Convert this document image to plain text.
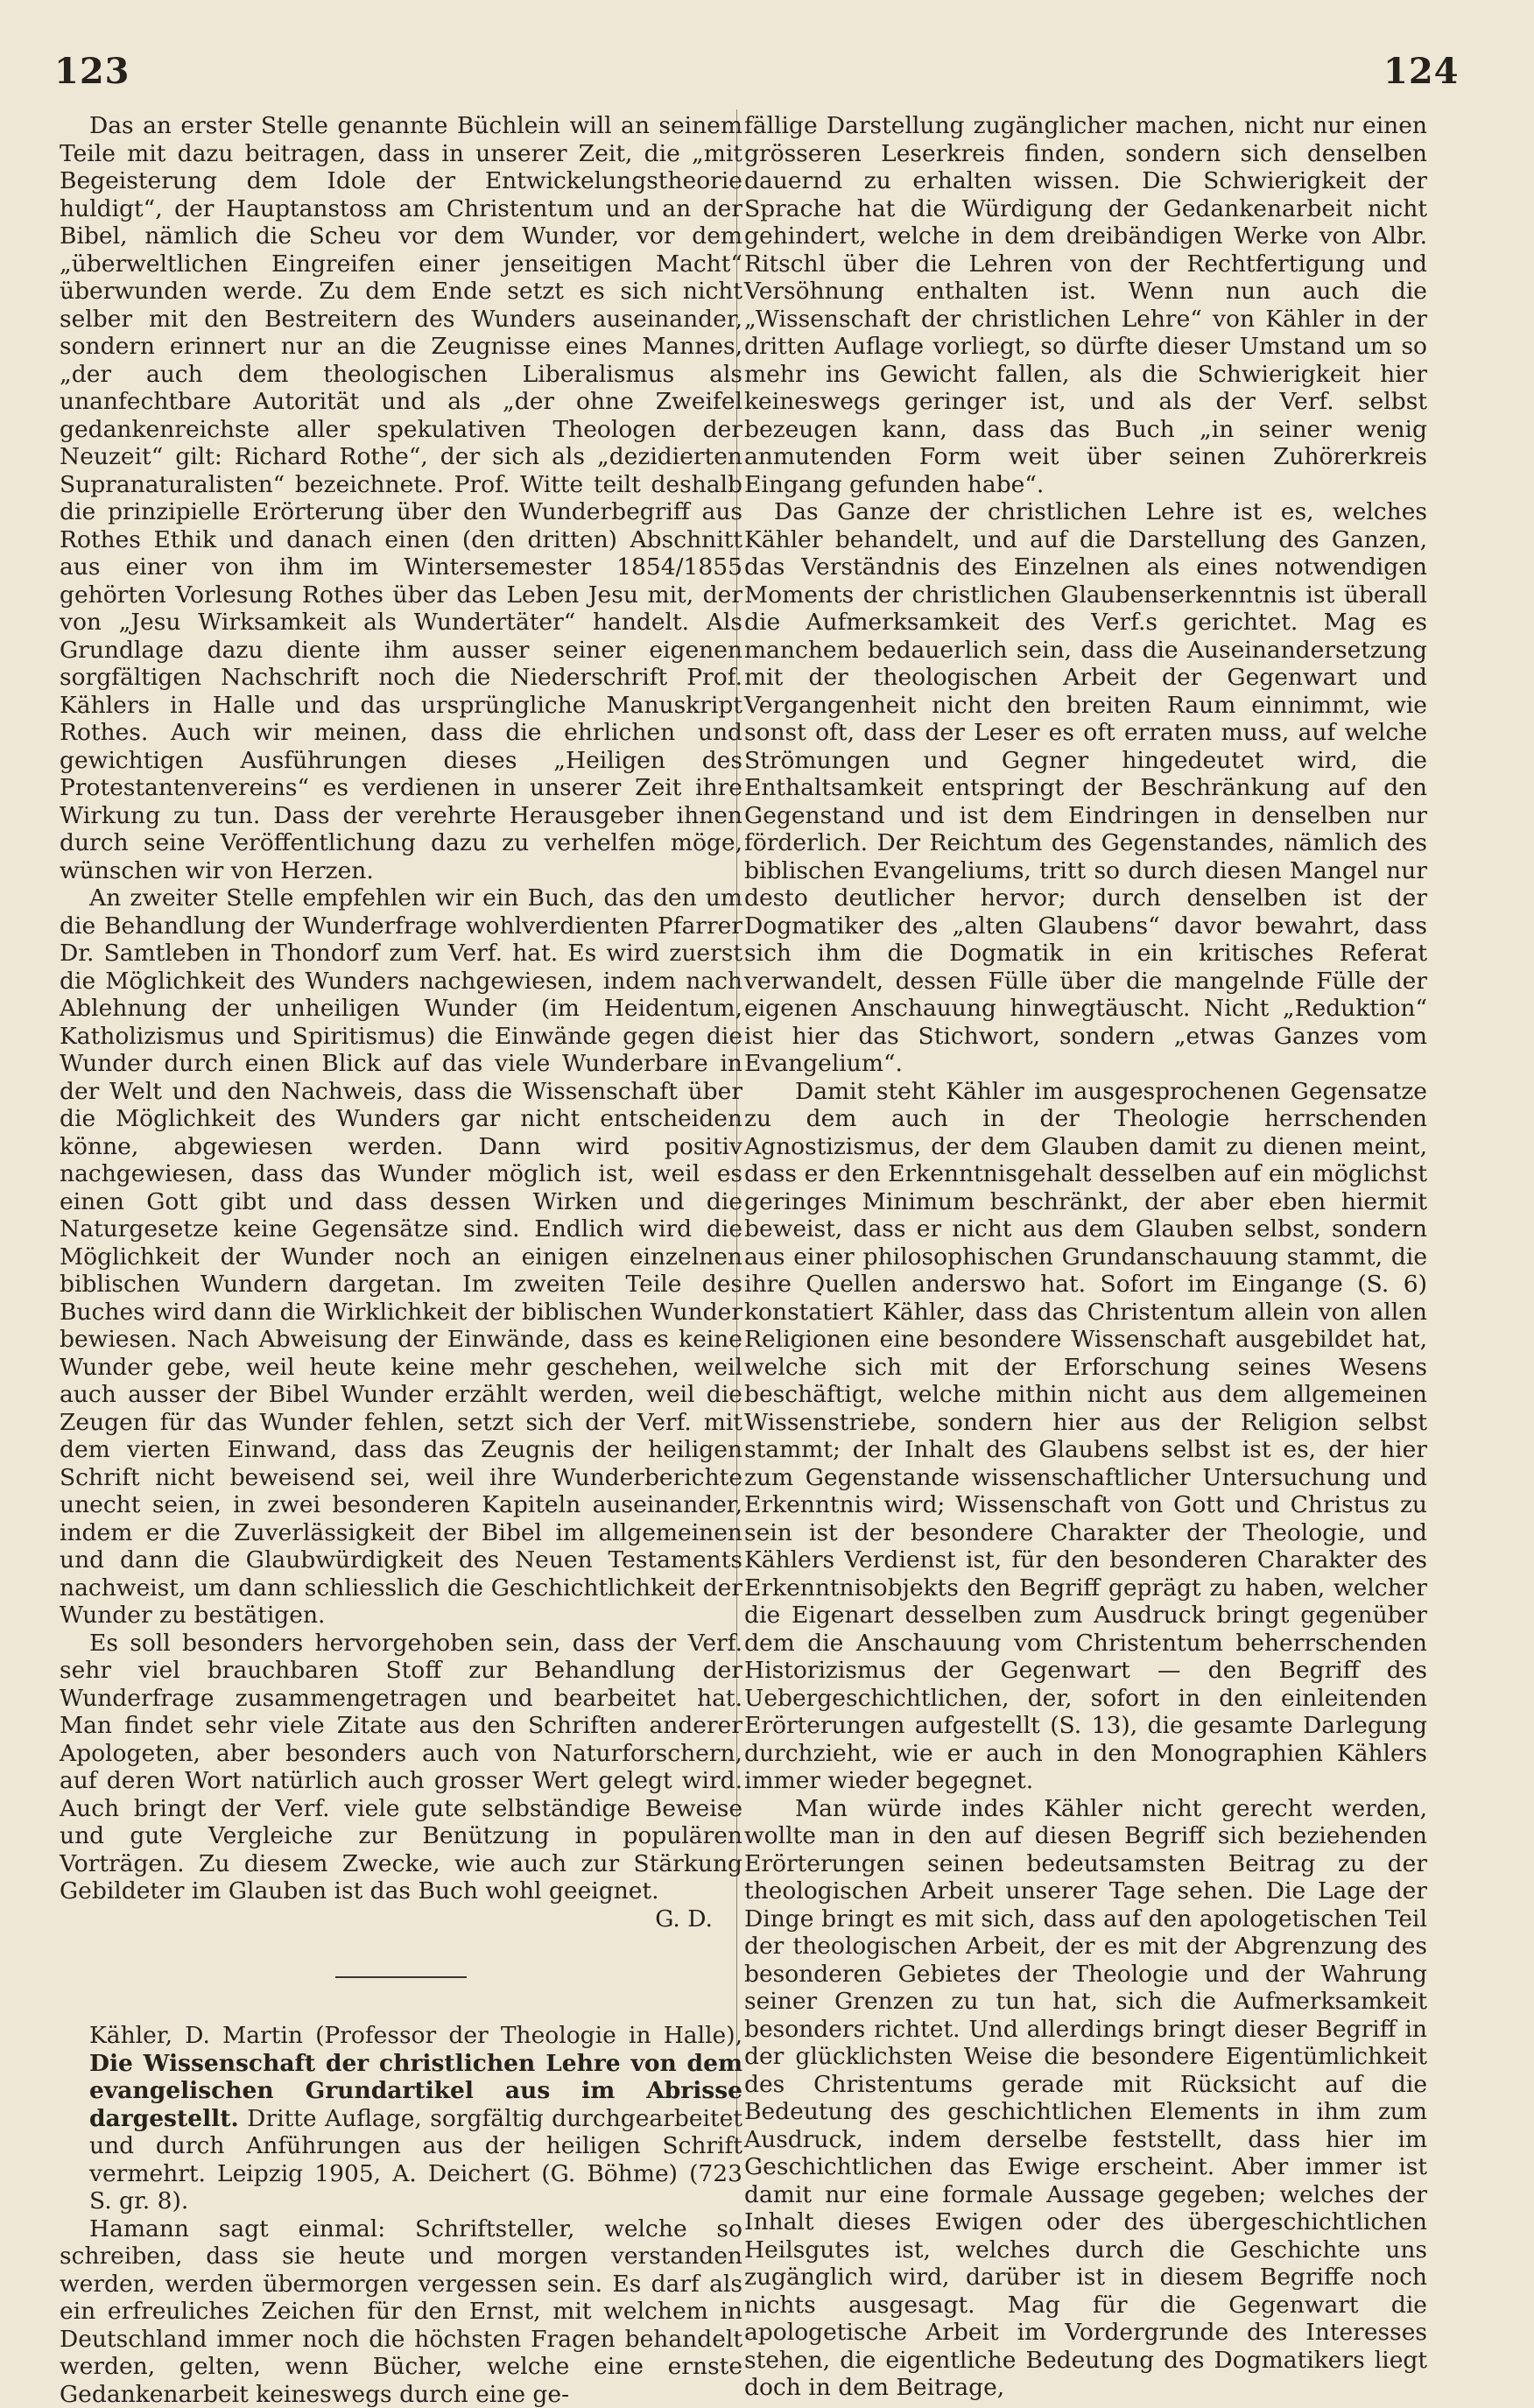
123	124

Das an erster Stelle genannte Büchlein will an seinem Teile mit dazu beitragen, dass in unserer Zeit, die „mit Begeisterung dem Idole der Entwickelungstheorie huldigt“, der Hauptanstoss am Christentum und an der Bibel, nämlich die Scheu vor dem Wunder, vor dem „überweltlichen Eingreifen einer jenseitigen Macht“ überwunden werde. Zu dem Ende setzt es sich nicht selber mit den Bestreitern des Wunders auseinander, sondern erinnert nur an die Zeugnisse eines Mannes, „der auch dem theologischen Liberalismus als unanfechtbare Autorität und als „der ohne Zweifel gedankenreichste aller spekulativen Theologen der Neuzeit“ gilt: Richard Rothe“, der sich als „dezidierten Supranaturalisten“ bezeichnete. Prof. Witte teilt deshalb die prinzipielle Erörterung über den Wunderbegriff aus Rothes Ethik und danach einen (den dritten) Abschnitt aus einer von ihm im Wintersemester 1854/1855 gehörten Vorlesung Rothes über das Leben Jesu mit, der von „Jesu Wirksamkeit als Wundertäter“ handelt. Als Grundlage dazu diente ihm ausser seiner eigenen sorgfältigen Nachschrift noch die Niederschrift Prof. Kählers in Halle und das ursprüngliche Manuskript Rothes. Auch wir meinen, dass die ehrlichen und gewichtigen Ausführungen dieses „Heiligen des Protestantenvereins“ es verdienen in unserer Zeit ihre Wirkung zu tun. Dass der verehrte Herausgeber ihnen durch seine Veröffentlichung dazu zu verhelfen möge, wünschen wir von Herzen.

An zweiter Stelle empfehlen wir ein Buch, das den um die Behandlung der Wunderfrage wohlverdienten Pfarrer Dr. Samtleben in Thondorf zum Verf. hat. Es wird zuerst die Möglichkeit des Wunders nachgewiesen, indem nach Ablehnung der unheiligen Wunder (im Heidentum, Katholizismus und Spiritismus) die Einwände gegen die Wunder durch einen Blick auf das viele Wunderbare in der Welt und den Nachweis, dass die Wissenschaft über die Möglichkeit des Wunders gar nicht entscheiden könne, abgewiesen werden. Dann wird positiv nachgewiesen, dass das Wunder möglich ist, weil es einen Gott gibt und dass dessen Wirken und die Naturgesetze keine Gegensätze sind. Endlich wird die Möglichkeit der Wunder noch an einigen einzelnen biblischen Wundern dargetan. Im zweiten Teile des Buches wird dann die Wirklichkeit der biblischen Wunder bewiesen. Nach Abweisung der Einwände, dass es keine Wunder gebe, weil heute keine mehr geschehen, weil auch ausser der Bibel Wunder erzählt werden, weil die Zeugen für das Wunder fehlen, setzt sich der Verf. mit dem vierten Einwand, dass das Zeugnis der heiligen Schrift nicht beweisend sei, weil ihre Wunderberichte unecht seien, in zwei besonderen Kapiteln auseinander, indem er die Zuverlässigkeit der Bibel im allgemeinen und dann die Glaubwürdigkeit des Neuen Testaments nachweist, um dann schliesslich die Geschichtlichkeit der Wunder zu bestätigen.

Es soll besonders hervorgehoben sein, dass der Verf. sehr viel brauchbaren Stoff zur Behandlung der Wunderfrage zusammengetragen und bearbeitet hat. Man findet sehr viele Zitate aus den Schriften anderer Apologeten, aber besonders auch von Naturforschern, auf deren Wort natürlich auch grosser Wert gelegt wird. Auch bringt der Verf. viele gute selbständige Beweise und gute Vergleiche zur Benützung in populären Vorträgen. Zu diesem Zwecke, wie auch zur Stärkung Gebildeter im Glauben ist das Buch wohl geeignet.

G. D.

Kähler, D. Martin (Professor der Theologie in Halle), Die Wissenschaft der christlichen Lehre von dem evangelischen Grundartikel aus im Abrisse dargestellt. Dritte Auflage, sorgfältig durchgearbeitet und durch Anführungen aus der heiligen Schrift vermehrt. Leipzig 1905, A. Deichert (G. Böhme) (723 S. gr. 8).

Hamann sagt einmal: Schriftsteller, welche so schreiben, dass sie heute und morgen verstanden werden, werden übermorgen vergessen sein. Es darf als ein erfreuliches Zeichen für den Ernst, mit welchem in Deutschland immer noch die höchsten Fragen behandelt werden, gelten, wenn Bücher, welche eine ernste Gedankenarbeit keineswegs durch eine ge-

fällige Darstellung zugänglicher machen, nicht nur einen grösseren Leserkreis finden, sondern sich denselben dauernd zu erhalten wissen. Die Schwierigkeit der Sprache hat die Würdigung der Gedankenarbeit nicht gehindert, welche in dem dreibändigen Werke von Albr. Ritschl über die Lehren von der Rechtfertigung und Versöhnung enthalten ist. Wenn nun auch die „Wissenschaft der christlichen Lehre“ von Kähler in der dritten Auflage vorliegt, so dürfte dieser Umstand um so mehr ins Gewicht fallen, als die Schwierigkeit hier keineswegs geringer ist, und als der Verf. selbst bezeugen kann, dass das Buch „in seiner wenig anmutenden Form weit über seinen Zuhörerkreis Eingang gefunden habe“.

Das Ganze der christlichen Lehre ist es, welches Kähler behandelt, und auf die Darstellung des Ganzen, das Verständnis des Einzelnen als eines notwendigen Moments der christlichen Glaubenserkenntnis ist überall die Aufmerksamkeit des Verf.s gerichtet. Mag es manchem bedauerlich sein, dass die Auseinandersetzung mit der theologischen Arbeit der Gegenwart und Vergangenheit nicht den breiten Raum einnimmt, wie sonst oft, dass der Leser es oft erraten muss, auf welche Strömungen und Gegner hingedeutet wird, die Enthaltsamkeit entspringt der Beschränkung auf den Gegenstand und ist dem Eindringen in denselben nur förderlich. Der Reichtum des Gegenstandes, nämlich des biblischen Evangeliums, tritt so durch diesen Mangel nur desto deutlicher hervor; durch denselben ist der Dogmatiker des „alten Glaubens“ davor bewahrt, dass sich ihm die Dogmatik in ein kritisches Referat verwandelt, dessen Fülle über die mangelnde Fülle der eigenen Anschauung hinwegtäuscht. Nicht „Reduktion“ ist hier das Stichwort, sondern „etwas Ganzes vom Evangelium“.

Damit steht Kähler im ausgesprochenen Gegensatze zu dem auch in der Theologie herrschenden Agnostizismus, der dem Glauben damit zu dienen meint, dass er den Erkenntnisgehalt desselben auf ein möglichst geringes Minimum beschränkt, der aber eben hiermit beweist, dass er nicht aus dem Glauben selbst, sondern aus einer philosophischen Grundanschauung stammt, die ihre Quellen anderswo hat. Sofort im Eingange (S. 6) konstatiert Kähler, dass das Christentum allein von allen Religionen eine besondere Wissenschaft ausgebildet hat, welche sich mit der Erforschung seines Wesens beschäftigt, welche mithin nicht aus dem allgemeinen Wissenstriebe, sondern hier aus der Religion selbst stammt; der Inhalt des Glaubens selbst ist es, der hier zum Gegenstande wissenschaftlicher Untersuchung und Erkenntnis wird; Wissenschaft von Gott und Christus zu sein ist der besondere Charakter der Theologie, und Kählers Verdienst ist, für den besonderen Charakter des Erkenntnisobjekts den Begriff geprägt zu haben, welcher die Eigenart desselben zum Ausdruck bringt gegenüber dem die Anschauung vom Christentum beherrschenden Historizismus der Gegenwart — den Begriff des Uebergeschichtlichen, der, sofort in den einleitenden Erörterungen aufgestellt (S. 13), die gesamte Darlegung durchzieht, wie er auch in den Monographien Kählers immer wieder begegnet.

Man würde indes Kähler nicht gerecht werden, wollte man in den auf diesen Begriff sich beziehenden Erörterungen seinen bedeutsamsten Beitrag zu der theologischen Arbeit unserer Tage sehen. Die Lage der Dinge bringt es mit sich, dass auf den apologetischen Teil der theologischen Arbeit, der es mit der Abgrenzung des besonderen Gebietes der Theologie und der Wahrung seiner Grenzen zu tun hat, sich die Aufmerksamkeit besonders richtet. Und allerdings bringt dieser Begriff in der glücklichsten Weise die besondere Eigentümlichkeit des Christentums gerade mit Rücksicht auf die Bedeutung des geschichtlichen Elements in ihm zum Ausdruck, indem derselbe feststellt, dass hier im Geschichtlichen das Ewige erscheint. Aber immer ist damit nur eine formale Aussage gegeben; welches der Inhalt dieses Ewigen oder des übergeschichtlichen Heilsgutes ist, welches durch die Geschichte uns zugänglich wird, darüber ist in diesem Begriffe noch nichts ausgesagt. Mag für die Gegenwart die apologetische Arbeit im Vordergrunde des Interesses stehen, die eigentliche Bedeutung des Dogmatikers liegt doch in dem Beitrage,
